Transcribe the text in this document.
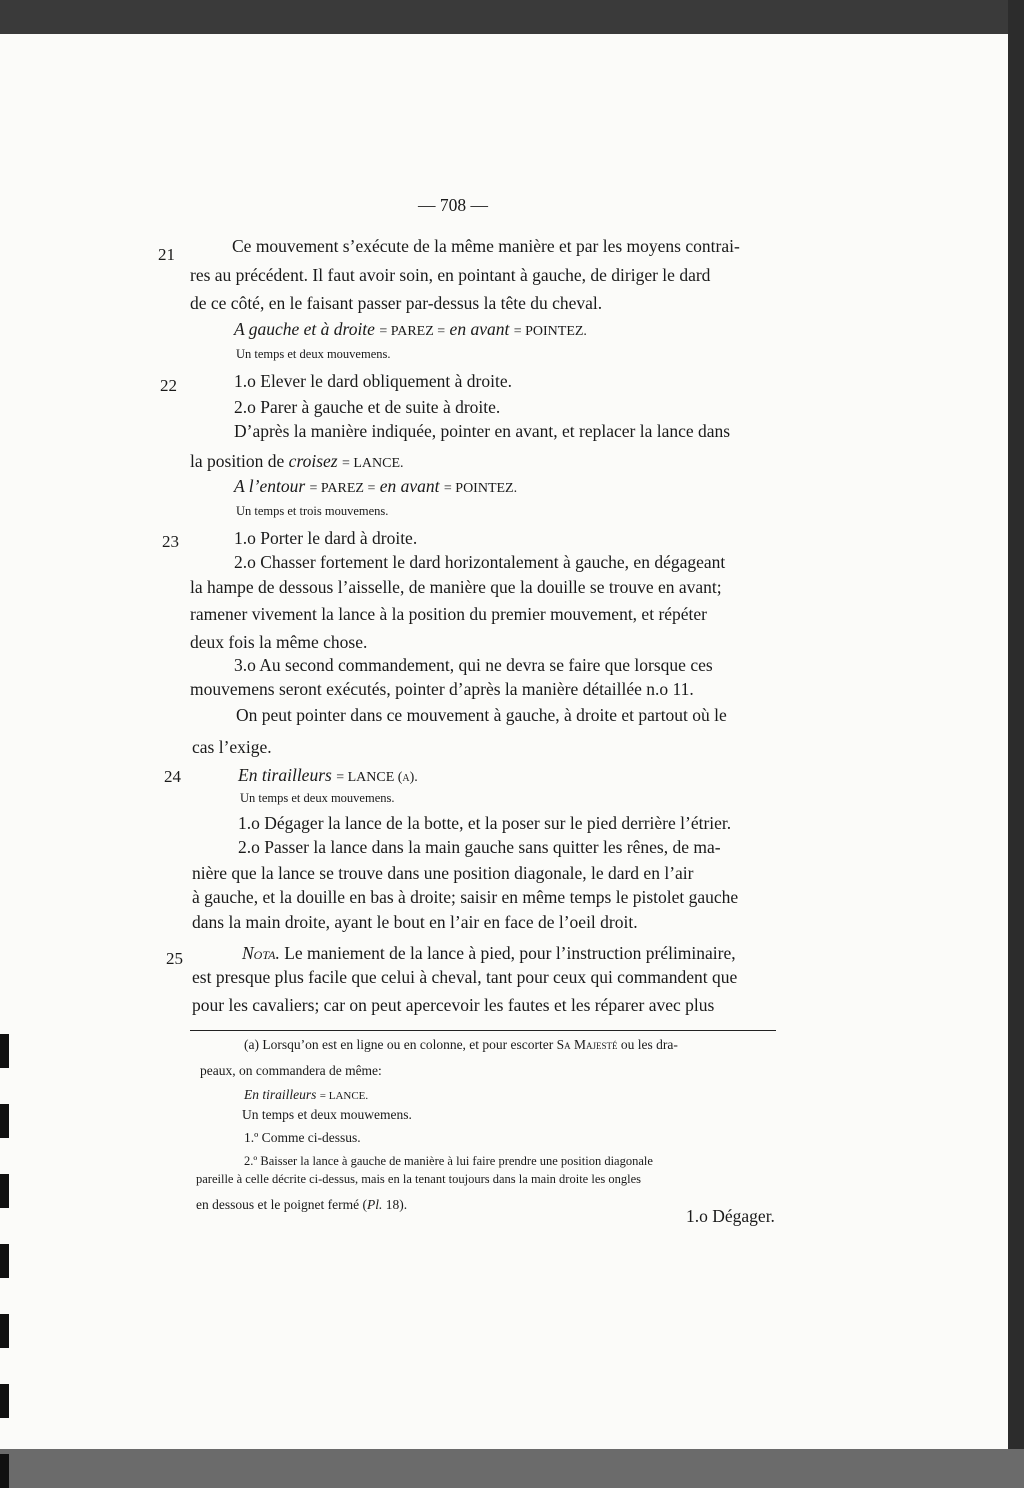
— 708 —
21
22
23
24
25
Ce mouvement s’exécute de la même manière et par les moyens contrai-
res au précédent. Il faut avoir soin, en pointant à gauche, de diriger le dard
de ce côté, en le faisant passer par-dessus la tête du cheval.
A gauche et à droite = PAREZ = en avant = POINTEZ.
Un temps et deux mouvemens.
1.o Elever le dard obliquement à droite.
2.o Parer à gauche et de suite à droite.
D’après la manière indiquée, pointer en avant, et replacer la lance dans
la position de croisez = LANCE.
A l’entour = PAREZ = en avant = POINTEZ.
Un temps et trois mouvemens.
1.o Porter le dard à droite.
2.o Chasser fortement le dard horizontalement à gauche, en dégageant
la hampe de dessous l’aisselle, de manière que la douille se trouve en avant;
ramener vivement la lance à la position du premier mouvement, et répéter
deux fois la même chose.
3.o Au second commandement, qui ne devra se faire que lorsque ces
mouvemens seront exécutés, pointer d’après la manière détaillée n.o 11.
On peut pointer dans ce mouvement à gauche, à droite et partout où le
cas l’exige.
En tirailleurs = LANCE (a).
Un temps et deux mouvemens.
1.o Dégager la lance de la botte, et la poser sur le pied derrière l’étrier.
2.o Passer la lance dans la main gauche sans quitter les rênes, de ma-
nière que la lance se trouve dans une position diagonale, le dard en l’air
à gauche, et la douille en bas à droite; saisir en même temps le pistolet gauche
dans la main droite, ayant le bout en l’air en face de l’oeil droit.
Nota. Le maniement de la lance à pied, pour l’instruction préliminaire,
est presque plus facile que celui à cheval, tant pour ceux qui commandent que
pour les cavaliers; car on peut apercevoir les fautes et les réparer avec plus
(a) Lorsqu’on est en ligne ou en colonne, et pour escorter Sa Majesté ou les dra-
peaux, on commandera de même:
En tirailleurs = LANCE.
Un temps et deux mouwemens.
1.º Comme ci-dessus.
2.º Baisser la lance à gauche de manière à lui faire prendre une position diagonale
pareille à celle décrite ci-dessus, mais en la tenant toujours dans la main droite les ongles
en dessous et le poignet fermé (Pl. 18).
1.o Dégager.
